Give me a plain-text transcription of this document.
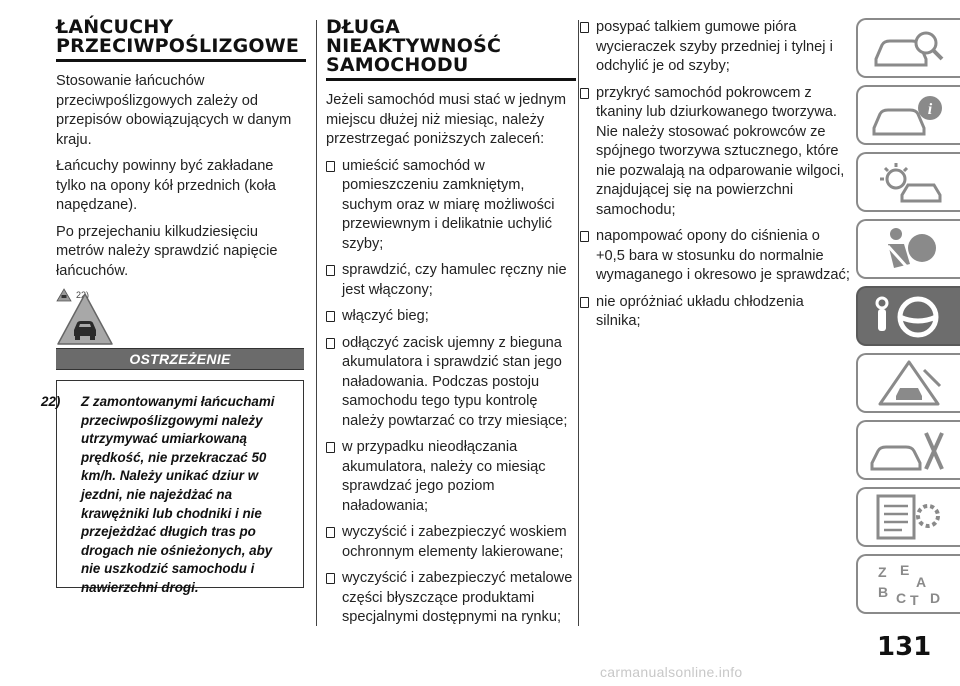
ŁAŃCUCHY
PRZECIWPOŚLIZGOWE

Stosowanie łańcuchów przeciwpoślizgowych zależy od przepisów obowiązujących w danym kraju.

Łańcuchy powinny być zakładane tylko na opony kół przednich (koła napędzane).

Po przejechaniu kilkudziesięciu metrów należy sprawdzić napięcie łańcuchów.

22)
OSTRZEŻENIE
22) Z zamontowanymi łańcuchami przeciwpoślizgowymi należy utrzymywać umiarkowaną prędkość, nie przekraczać 50 km/h. Należy unikać dziur w jezdni, nie najeżdżać na krawężniki lub chodniki i nie przejeżdżać długich tras po drogach nie ośnieżonych, aby nie uszkodzić samochodu i nawierzchni drogi.
DŁUGA
NIEAKTYWNOŚĆ
SAMOCHODU

Jeżeli samochód musi stać w jednym miejscu dłużej niż miesiąc, należy przestrzegać poniższych zaleceń:

umieścić samochód w pomieszczeniu zamkniętym, suchym oraz w miarę możliwości przewiewnym i delikatnie uchylić szyby;
sprawdzić, czy hamulec ręczny nie jest włączony;
włączyć bieg;
odłączyć zacisk ujemny z bieguna akumulatora i sprawdzić stan jego naładowania. Podczas postoju samochodu tego typu kontrolę należy powtarzać co trzy miesiące;
w przypadku nieodłączania akumulatora, należy co miesiąc sprawdzać jego poziom naładowania;
wyczyścić i zabezpieczyć woskiem ochronnym elementy lakierowane;
wyczyścić i zabezpieczyć metalowe części błyszczące produktami specjalnymi dostępnymi na rynku;
posypać talkiem gumowe pióra wycieraczek szyby przedniej i tylnej i odchylić je od szyby;
przykryć samochód pokrowcem z tkaniny lub dziurkowanego tworzywa. Nie należy stosować pokrowców ze spójnego tworzywa sztucznego, które nie pozwalają na odparowanie wilgoci, znajdującej się na powierzchni samochodu;
napompować opony do ciśnienia o +0,5 bara w stosunku do normalnie wymaganego i okresowo je sprawdzać;
nie opróżniać układu chłodzenia silnika;
i
Z E
A
B C T D
131
carmanualsonline.info
